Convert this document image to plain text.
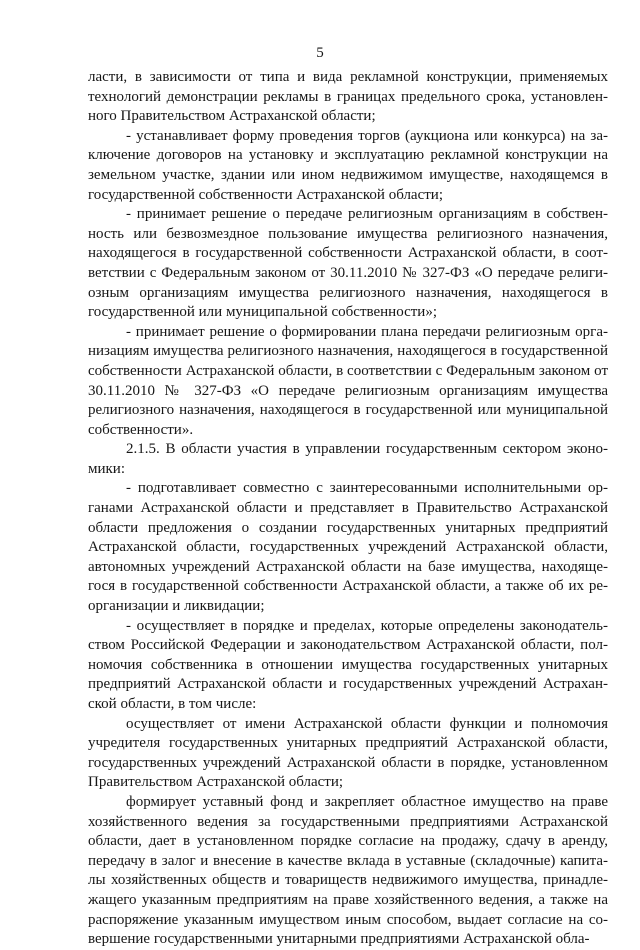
5

ласти, в зависимости от типа и вида рекламной конструкции, применяемых технологий демонстрации рекламы в границах предельного срока, установленного Правительством Астраханской области;

- устанавливает форму проведения торгов (аукциона или конкурса) на заключение договоров на установку и эксплуатацию рекламной конструкции на земельном участке, здании или ином недвижимом имуществе, находящемся в государственной собственности Астраханской области;

- принимает решение о передаче религиозным организациям в собственность или безвозмездное пользование имущества религиозного назначения, находящегося в государственной собственности Астраханской области, в соответствии с Федеральным законом от 30.11.2010 № 327-ФЗ «О передаче религиозным организациям имущества религиозного назначения, находящегося в государственной или муниципальной собственности»;

- принимает решение о формировании плана передачи религиозным организациям имущества религиозного назначения, находящегося в государственной собственности Астраханской области, в соответствии с Федеральным законом от 30.11.2010 № 327-ФЗ «О передаче религиозным организациям имущества религиозного назначения, находящегося в государственной или муниципальной собственности».

2.1.5. В области участия в управлении государственным сектором экономики:

- подготавливает совместно с заинтересованными исполнительными органами Астраханской области и представляет в Правительство Астраханской области предложения о создании государственных унитарных предприятий Астраханской области, государственных учреждений Астраханской области, автономных учреждений Астраханской области на базе имущества, находящегося в государственной собственности Астраханской области, а также об их реорганизации и ликвидации;

- осуществляет в порядке и пределах, которые определены законодательством Российской Федерации и законодательством Астраханской области, полномочия собственника в отношении имущества государственных унитарных предприятий Астраханской области и государственных учреждений Астраханской области, в том числе:

осуществляет от имени Астраханской области функции и полномочия учредителя государственных унитарных предприятий Астраханской области, государственных учреждений Астраханской области в порядке, установленном Правительством Астраханской области;

формирует уставный фонд и закрепляет областное имущество на праве хозяйственного ведения за государственными предприятиями Астраханской области, дает в установленном порядке согласие на продажу, сдачу в аренду, передачу в залог и внесение в качестве вклада в уставные (складочные) капиталы хозяйственных обществ и товариществ недвижимого имущества, принадлежащего указанным предприятиям на праве хозяйственного ведения, а также на распоряжение указанным имуществом иным способом, выдает согласие на совершение государственными унитарными предприятиями Астраханской обла-
